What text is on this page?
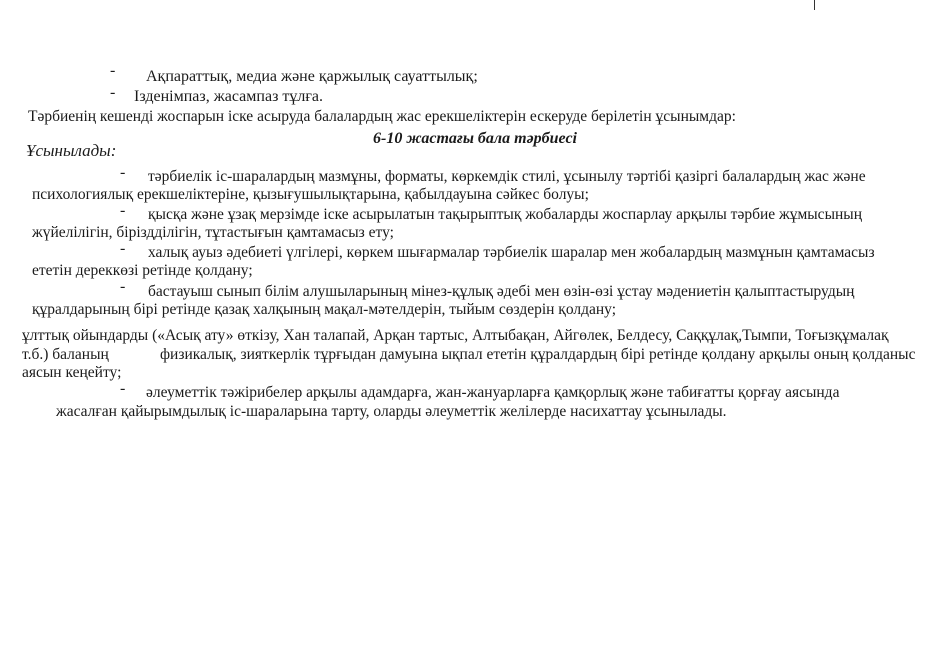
- Ақпараттық, медиа және қаржылық сауаттылық;
- Ізденімпаз, жасампаз тұлға.
Тәрбиенің кешенді жоспарын іске асыруда балалардың жас ерекшеліктерін ескеруде берілетін ұсынымдар:
6-10 жастағы бала тәрбиесі
Ұсынылады:
- тәрбиелік іс-шаралардың мазмұны, форматы, көркемдік стилі, ұсынылу тәртібі қазіргі балалардың жас және
психологиялық ерекшеліктеріне, қызығушылықтарына, қабылдауына сәйкес болуы;
- қысқа және ұзақ мерзімде іске асырылатын тақырыптық жобаларды жоспарлау арқылы тәрбие жұмысының
жүйелілігін, біріздділігін, тұтастығын қамтамасыз ету;
- халық ауыз әдебиеті үлгілері, көркем шығармалар тәрбиелік шаралар мен жобалардың мазмұнын қамтамасыз
ететін дереккөзі ретінде қолдану;
- бастауыш сынып білім алушыларының мінез-құлық әдебі мен өзін-өзі ұстау мәдениетін қалыптастырудың
құралдарының бірі ретінде қазақ халқының мақал-мәтелдерін, тыйым сөздерін қолдану;
ұлттық ойындарды («Асық ату» өткізу, Хан талапай, Арқан тартыс, Алтыбақан, Айгөлек, Белдесу, Саққұлақ,Тымпи, Тоғызқұмалақ
т.б.) баланың	физикалық, зияткерлік тұрғыдан дамуына ықпал ететін құралдардың бірі ретінде қолдану арқылы оның қолданыс
аясын кеңейту;
- әлеуметтік тәжірибелер арқылы адамдарға, жан-жануарларға қамқорлық және табиғатты қорғау аясында
жасалған қайырымдылық іс-шараларына тарту, оларды әлеуметтік желілерде насихаттау ұсынылады.
